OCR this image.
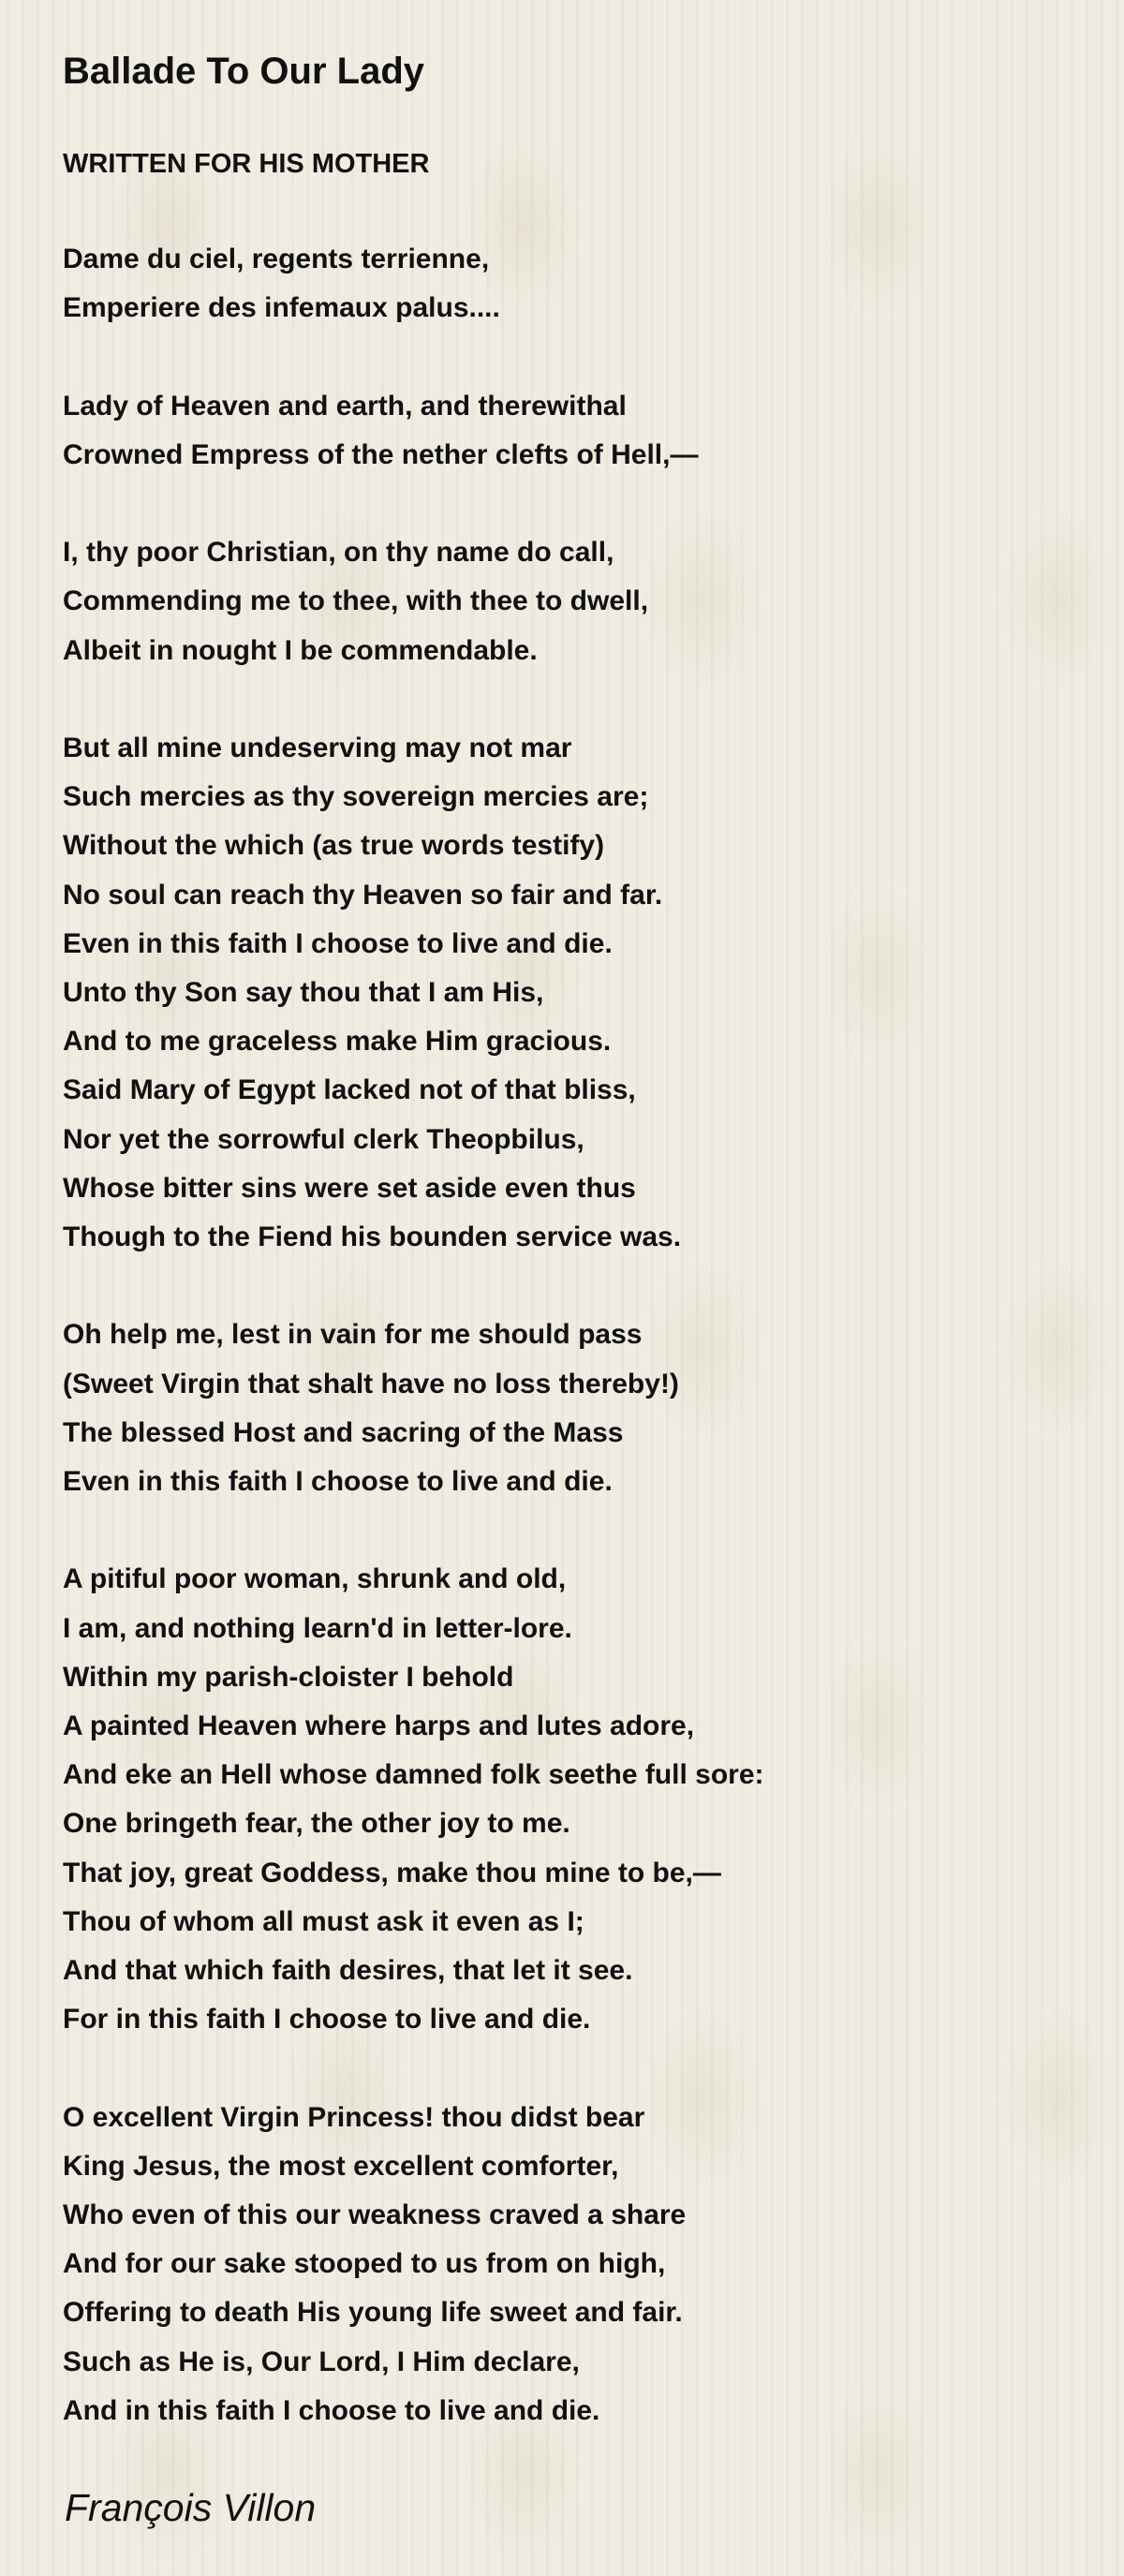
Ballade To Our Lady
WRITTEN FOR HIS MOTHER
Dame du ciel, regents terrienne,
Emperiere des infemaux palus....
Lady of Heaven and earth, and therewithal
Crowned Empress of the nether clefts of Hell,—
I, thy poor Christian, on thy name do call,
Commending me to thee, with thee to dwell,
Albeit in nought I be commendable.
But all mine undeserving may not mar
Such mercies as thy sovereign mercies are;
Without the which (as true words testify)
No soul can reach thy Heaven so fair and far.
Even in this faith I choose to live and die.
Unto thy Son say thou that I am His,
And to me graceless make Him gracious.
Said Mary of Egypt lacked not of that bliss,
Nor yet the sorrowful clerk Theopbilus,
Whose bitter sins were set aside even thus
Though to the Fiend his bounden service was.
Oh help me, lest in vain for me should pass
(Sweet Virgin that shalt have no loss thereby!)
The blessed Host and sacring of the Mass
Even in this faith I choose to live and die.
A pitiful poor woman, shrunk and old,
I am, and nothing learn'd in letter-lore.
Within my parish-cloister I behold
A painted Heaven where harps and lutes adore,
And eke an Hell whose damned folk seethe full sore:
One bringeth fear, the other joy to me.
That joy, great Goddess, make thou mine to be,—
Thou of whom all must ask it even as I;
And that which faith desires, that let it see.
For in this faith I choose to live and die.
O excellent Virgin Princess! thou didst bear
King Jesus, the most excellent comforter,
Who even of this our weakness craved a share
And for our sake stooped to us from on high,
Offering to death His young life sweet and fair.
Such as He is, Our Lord, I Him declare,
And in this faith I choose to live and die.
François Villon
